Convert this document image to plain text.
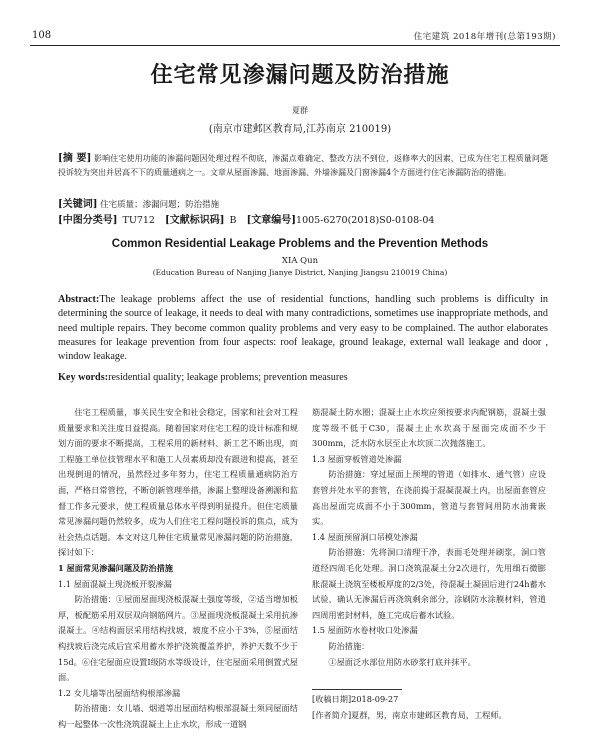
108	住宅建筑 2018年增刊(总第193期)
住宅常见渗漏问题及防治措施
夏群
(南京市建邺区教育局,江苏南京 210019)
[摘 要] 影响住宅使用功能的渗漏问题因处理过程不彻底，渗漏点难确定、整改方法不到位，返修率大的因素，已成为住宅工程质量问题投诉较为突出并居高不下的质量通病之一。文章从屋面渗漏、地面渗漏、外墙渗漏及门窗渗漏4个方面进行住宅渗漏防治的措施。
[关键词] 住宅质量；渗漏问题；防治措施
[中图分类号] TU712 [文献标识码] B [文章编号]1005-6270(2018)S0-0108-04
Common Residential Leakage Problems and the Prevention Methods
XIA Qun
(Education Bureau of Nanjing Jianye District, Nanjing Jiangsu 210019 China)
Abstract:The leakage problems affect the use of residential functions, handling such problems is difficulty in determining the source of leakage, it needs to deal with many contradictions, sometimes use inappropriate methods, and need multiple repairs. They become common quality problems and very easy to be complained. The author elaborates measures for leakage prevention from four aspects: roof leakage, ground leakage, external wall leakage and door , window leakage.
Key words:residential quality; leakage problems; prevention measures

住宅工程质量，事关民生安全和社会稳定，国家和社会对工程质量要求和关注度日益提高。随着国家对住宅工程的设计标准和规划方面的要求不断提高，工程采用的新材料、新工艺不断出现，而工程施工单位技管理水平和施工人员素质却没有跟进和提高，甚至出现倒退的情况，虽然经过多年努力，住宅工程质量通病防治方面，严格日常管控，不断创新管理举措，渗漏上整理设备溯源和监督工作多元要求，使工程质量总体水平得到明显提升。但住宅质量常见渗漏问题仍然较多，成为人们住宅工程问题投诉的焦点，成为社会热点话题。本文对这几种住宅质量常见渗漏问题的防治措施，探讨如下：

1 屋面常见渗漏问题及防治措施

1.1 屋面混凝土现浇板开裂渗漏

防治措施：①屋面屋面现浇板混凝土强度等级，②适当增加板厚，板配筋采用双层双向钢筋网片。③屋面现浇板混凝土采用抗渗混凝土。④结构面层采用结构找坡，坡度不应小于3%，⑤屋面结构找坡后浇完成后宜采用蓄水养护浇筑覆盖养护，养护天数不少于15d。⑥住宅屋面应设置Ⅰ级防水等级设计，住宅屋面采用倒置式屋面。

1.2 女儿墙等出屋面结构根部渗漏

防治措施：女儿墙、烟道等出屋面结构根部混凝土须同屋面结构一起整体一次性浇筑混凝土上止水坎，形成一道钢

筋混凝土防水圈；混凝土止水坎应须按要求内配钢筋，混凝土强度等级不低于C30，混凝土止水坎高于屋面完成面不少于300mm，泛水防水层至止水坎顶二次抛落施工。

1.3 屋面穿板管道处渗漏

防治措施：穿过屋面上预埋的管道（如排水、通气管）应设套管并处水平的套管，在浇前捣于混凝混凝土内，出屋面套管应高出屋面完成面不小于300mm，管道与套管间用防水油膏嵌实。

1.4 屋面预留洞口吊模处渗漏

防治措施：先将洞口清理干净，表面毛处理并刷浆，洞口管道经四周毛化处理。洞口浇筑混凝土分2次进行，先用细石微膨胀混凝土浇筑至楼板厚度的2/3处，待混凝土凝固后进行24h蓄水试验，确认无渗漏后再浇筑剩余部分，涂刷防水涂膜材料，管道四周用密封材料，施工完成后蓄水试验。

1.5 屋面防水卷材收口处渗漏

防治措施：

①屋面泛水部位用防水砂浆打底并抹平。

[收稿日期]2018-09-27
[作者简介]夏群，男，南京市建邺区教育局，工程师。
